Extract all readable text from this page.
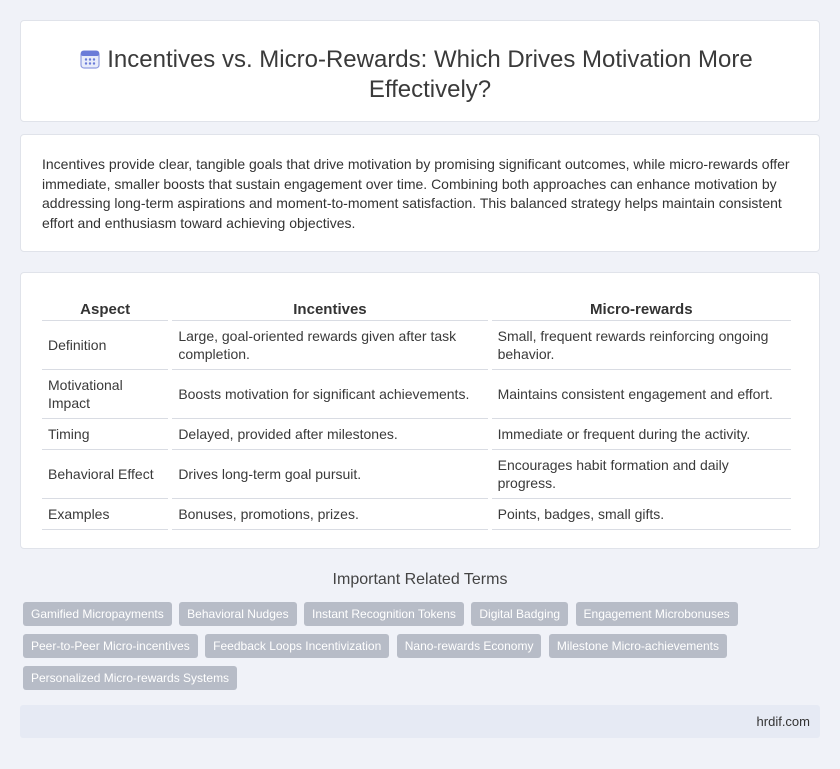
Incentives vs. Micro-Rewards: Which Drives Motivation More Effectively?

Incentives provide clear, tangible goals that drive motivation by promising significant outcomes, while micro-rewards offer immediate, smaller boosts that sustain engagement over time. Combining both approaches can enhance motivation by addressing long-term aspirations and moment-to-moment satisfaction. This balanced strategy helps maintain consistent effort and enthusiasm toward achieving objectives.

Aspect	Incentives	Micro-rewards
Definition	Large, goal-oriented rewards given after task completion.	Small, frequent rewards reinforcing ongoing behavior.
Motivational Impact	Boosts motivation for significant achievements.	Maintains consistent engagement and effort.
Timing	Delayed, provided after milestones.	Immediate or frequent during the activity.
Behavioral Effect	Drives long-term goal pursuit.	Encourages habit formation and daily progress.
Examples	Bonuses, promotions, prizes.	Points, badges, small gifts.
Important Related Terms
Gamified Micropayments Behavioral Nudges Instant Recognition Tokens Digital Badging Engagement Microbonuses Peer-to-Peer Micro-incentives Feedback Loops Incentivization Nano-rewards Economy Milestone Micro-achievements Personalized Micro-rewards Systems
hrdif.com
